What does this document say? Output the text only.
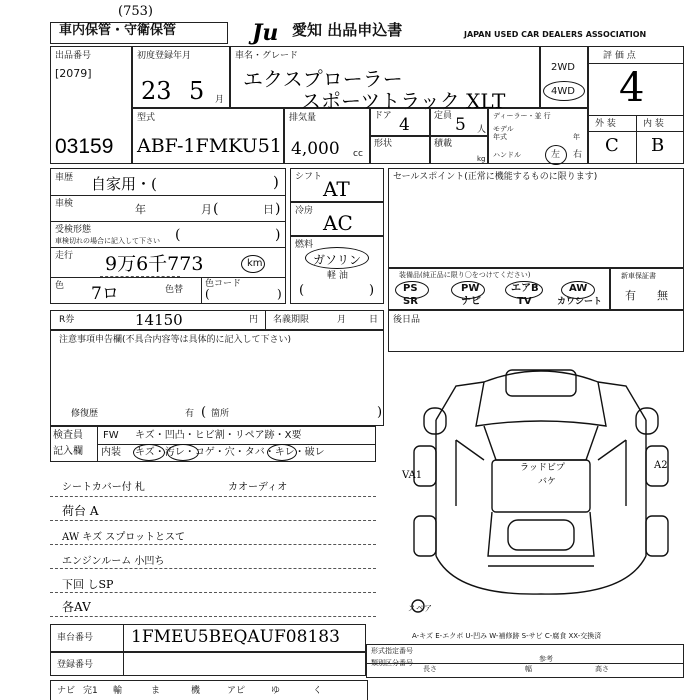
車内保管・守衛保管
(753)
Ju 愛知 出品申込書	JAPAN USED CAR DEALERS ASSOCIATION
出品番号
[2079]
03159
初度登録年月
23 5 月
車名・グレード
エクスプローラー
スポーツトラック XLT
2WD
4WD
評 価 点
4
外 装	内 装
C B
型式
ABF-1FMKU51
排気量
4,000 cc
ドア 4	定員 5 人
形状	積載
kg
ディーラー・並 行
モデル 年式	年
ハンドル	左 右
車歴 自家用・(	)
車検	年	月 (	日 )
受検形態
車検切れの場合に記入して下さい (	)
走行 9万6千773	km
色 7ロ	色替
色コード
(	)
シフト AT
冷房 AC
燃料
ガソリン
軽 油
(	)
セールスポイント(正常に機能するものに限ります)
装備品(純正品に限り〇をつけてください)
PS	PW	エアB	AW
SR	ナビ	TV	カワシート
新車保証書
有 無
R券	14150	円 名義期限	月	日 後日品
注意事項申告欄(不具合内容等は具体的に記入して下さい)
修復歴	有 ( 箇所	)
検査員
記入欄
FW キズ・凹凸・ヒビ割・リペア跡・X要
内装 キズ・汚レ・コゲ・穴・タバ・キレ・破レ
シートカバー付 札	カオーディオ
荷台 A
AW キズ スプロットとスて
エンジンルーム 小凹ち
下回 しSP
各AV
VA1
A2
ラッドビプ
バケ
スペア
A-キズ E-エクボ U-凹み W-補修跡 S-サビ C-腐食 XX-交換済
車台番号 1FMEU5BEQAUF08183
登録番号
形式指定番号
類別区分番号
長さ	幅
参考
高さ
ナビ 完1 輸	ま	機	アピ	ゆ	く
